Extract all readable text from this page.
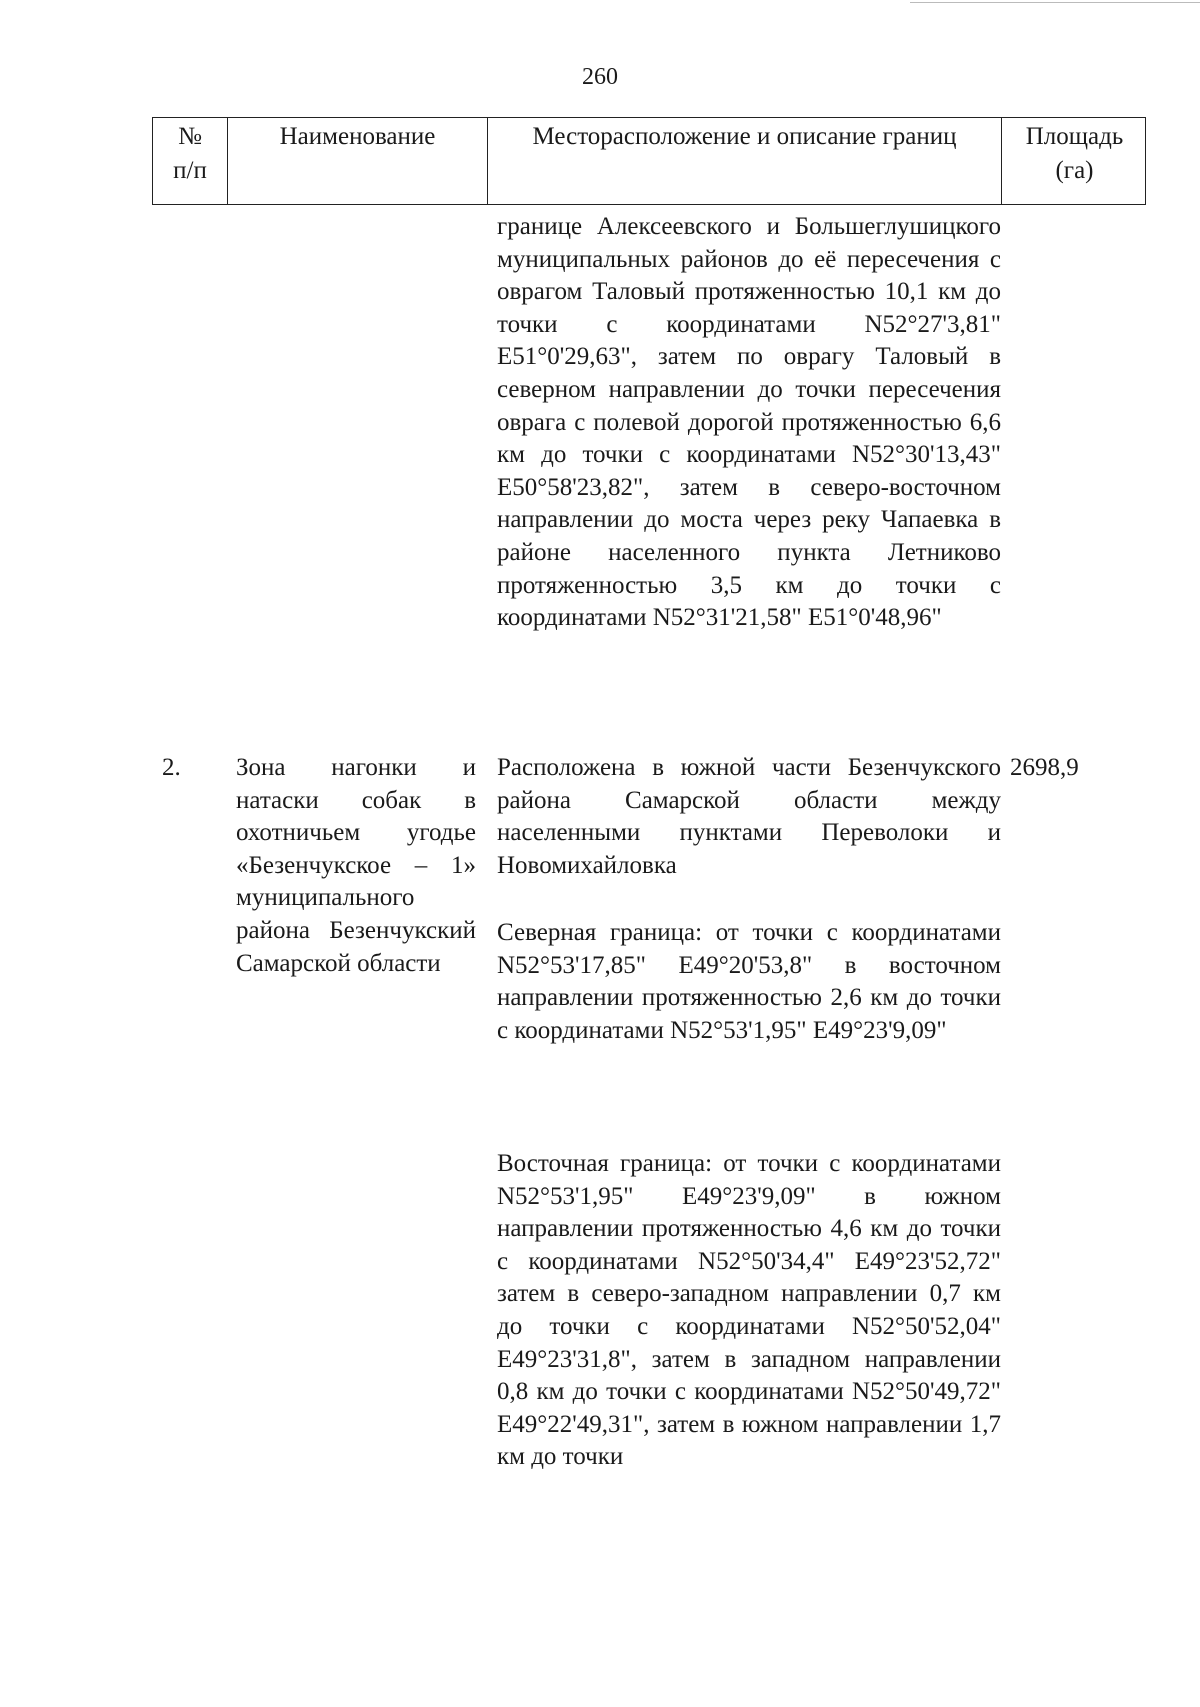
260
№ п/п
Наименование	Месторасположение и описание границ	Площадь (га)
границе Алексеевского и Большеглушицкого муниципальных районов до её пересечения с оврагом Таловый протяженностью 10,1 км до точки с координатами N52°27'3,81" E51°0'29,63", затем по оврагу Таловый в северном направлении до точки пересечения оврага с полевой дорогой протяженностью 6,6 км до точки с координатами N52°30'13,43" E50°58'23,82", затем в северо-восточном направлении до моста через реку Чапаевка в районе населенного пункта Летниково протяженностью 3,5 км до точки с координатами N52°31'21,58" E51°0'48,96"
2. Зона нагонки и натаски собак в охотничьем угодье «Безенчукское – 1» муниципального района Безенчукский Самарской области
2698,9
Расположена в южной части Безенчукского района Самарской области между населенными пунктами Переволоки и Новомихайловка
Северная граница: от точки с координатами N52°53'17,85" E49°20'53,8" в восточном направлении протяженностью 2,6 км до точки с координатами N52°53'1,95" E49°23'9,09"
Восточная граница: от точки с координатами N52°53'1,95" E49°23'9,09" в южном направлении протяженностью 4,6 км до точки с координатами N52°50'34,4" E49°23'52,72" затем в северо-западном направлении 0,7 км до точки с координатами N52°50'52,04" E49°23'31,8", затем в западном направлении 0,8 км до точки с координатами N52°50'49,72" E49°22'49,31", затем в южном направлении 1,7 км до точки
